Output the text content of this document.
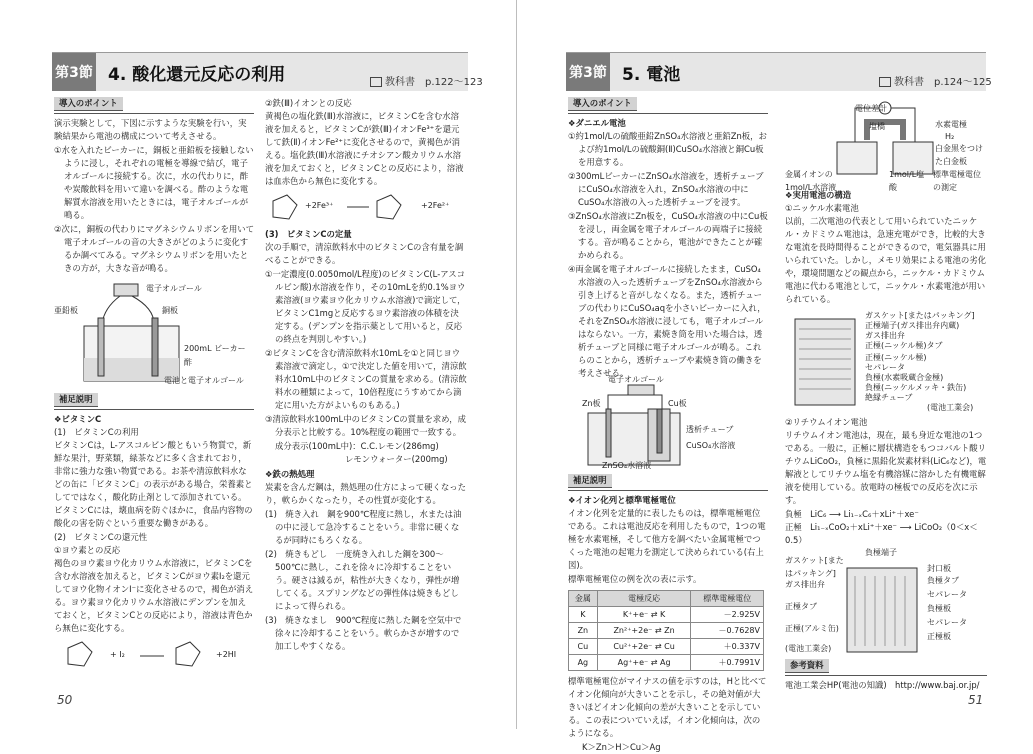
第3節 4. 酸化還元反応の利用	教科書　p.122～123
導入のポイント

演示実験として，下図に示すような実験を行い，実験結果から電池の構成について考えさせる。

①水を入れたビーカーに，銅板と亜鉛板を接触しないように浸し，それぞれの電極を導線で結び，電子オルゴールに接続する。次に，水の代わりに，酢や炭酸飲料を用いて違いを調べる。酢のような電解質水溶液を用いたときには，電子オルゴールが鳴る。

②次に，銅板の代わりにマグネシウムリボンを用いて電子オルゴールの音の大きさがどのように変化するか調べてみる。マグネシウムリボンを用いたときの方が，大きな音が鳴る。

電子オルゴール
亜鉛板	銅板
200mL ビーカー
酢
電池と電子オルゴール
補足説明
❖ビタミンC
(1)　ビタミンCの利用

ビタミンCは，L-アスコルビン酸ともいう物質で，新鮮な果汁，野菜類，緑茶などに多く含まれており，非常に強力な強い物質である。お茶や清涼飲料水などの缶に「ビタミンC」の表示がある場合，栄養素としてではなく，酸化防止剤として添加されている。ビタミンCには，壊血病を防ぐほかに，食品内容物の酸化の害を防ぐという重要な働きがある。

(2)　ビタミンCの還元性
①ヨウ素との反応

褐色のヨウ素ヨウ化カリウム水溶液に，ビタミンCを含む水溶液を加えると，ビタミンCがヨウ素I₂を還元してヨウ化物イオンI⁻に変化させるので，褐色が消える。ヨウ素ヨウ化カリウム水溶液にデンプンを加えておくと，ビタミンCとの反応により，溶液は青色から無色に変化する。

+ I₂	+2HI
②鉄(Ⅲ)イオンとの反応

黄褐色の塩化鉄(Ⅲ)水溶液に，ビタミンCを含む水溶液を加えると，ビタミンCが鉄(Ⅲ)イオンFe³⁺を還元して鉄(Ⅱ)イオンFe²⁺に変化させるので，黄褐色が消える。塩化鉄(Ⅲ)水溶液にチオシアン酸カリウム水溶液を加えておくと，ビタミンCとの反応により，溶液は血赤色から無色に変化する。

+2Fe³⁺	+2Fe²⁺
(3)　ビタミンCの定量

次の手順で，清涼飲料水中のビタミンCの含有量を調べることができる。

①一定濃度(0.0050mol/L程度)のビタミンC(L-アスコルビン酸)水溶液を作り，その10mLを約0.1%ヨウ素溶液(ヨウ素ヨウ化カリウム水溶液)で滴定して，ビタミンC1mgと反応するヨウ素溶液の体積を決定する。(デンプンを指示薬として用いると，反応の終点を判別しやすい。)

②ビタミンCを含む清涼飲料水10mLを①と同じヨウ素溶液で滴定し，①で決定した値を用いて，清涼飲料水10mL中のビタミンCの質量を求める。(清涼飲料水の種類によって，10倍程度にうすめてから滴定に用いた方がよいものもある。)

③清涼飲料水100mL中のビタミンCの質量を求め，成分表示と比較する。10%程度の範囲で一致する。

成分表示(100mL中)：C.C.レモン(286mg)
レモンウォーター(200mg)
❖鉄の熱処理

炭素を含んだ鋼は，熱処理の仕方によって硬くなったり，軟らかくなったり，その性質が変化する。

(1)　焼き入れ　鋼を900℃程度に熱し，水または油の中に浸して急冷することをいう。非常に硬くなるが同時にもろくなる。

(2)　焼きもどし　一度焼き入れした鋼を300～500℃に熱し，これを徐々に冷却することをいう。硬さは減るが，粘性が大きくなり，弾性が増してくる。スプリングなどの弾性体は焼きもどしによって得られる。

(3)　焼きなまし　900℃程度に熱した鋼を空気中で徐々に冷却することをいう。軟らかさが増すので加工しやすくなる。

50
第3節 5. 電池	教科書　p.124～125
導入のポイント
❖ダニエル電池

①約1mol/Lの硫酸亜鉛ZnSO₄水溶液と亜鉛Zn板，および約1mol/Lの硫酸銅(Ⅱ)CuSO₄水溶液と銅Cu板を用意する。

②300mLビーカーにZnSO₄水溶液を，透析チューブにCuSO₄水溶液を入れ，ZnSO₄水溶液の中にCuSO₄水溶液の入った透析チューブを浸す。

③ZnSO₄水溶液にZn板を，CuSO₄水溶液の中にCu板を浸し，両金属を電子オルゴールの両端子に接続する。音が鳴ることから，電池ができたことが確かめられる。

④両金属を電子オルゴールに接続したまま，CuSO₄水溶液の入った透析チューブをZnSO₄水溶液から引き上げると音がしなくなる。また，透析チューブの代わりにCuSO₄aqを小さいビーカーに入れ，それをZnSO₄水溶液に浸しても，電子オルゴールはならない。一方，素焼き筒を用いた場合は，透析チューブと同様に電子オルゴールが鳴る。これらのことから，透析チューブや素焼き筒の働きを考えさせる。

電子オルゴール
Zn板	Cu板
透析チューブ
CuSO₄水溶液
ZnSO₄水溶液
補足説明
❖イオン化列と標準電極電位

イオン化列を定量的に表したものは，標準電極電位である。これは電池反応を利用したもので，1つの電極を水素電極，そして他方を調べたい金属電極でつくった電池の起電力を測定して決められている(右上図)。

標準電極電位の例を次の表に示す。

金属	電極反応	標準電極電位
K	K⁺+e⁻ ⇄ K	－2.925V
Zn	Zn²⁺+2e⁻ ⇄ Zn	－0.7628V
Cu	Cu²⁺+2e⁻ ⇄ Cu	＋0.337V
Ag	Ag⁺+e⁻ ⇄ Ag	＋0.7991V

標準電極電位がマイナスの値を示すのは，Hと比べてイオン化傾向が大きいことを示し，その絶対値が大きいほどイオン化傾向の差が大きいことを示している。この表についていえば，イオン化傾向は，次のようになる。

K＞Zn＞H＞Cu＞Ag
電位差計
塩橋	水素電極
H₂
白金黒をつけた白金板
金属イオンの1mol/L水溶液
1mol/L塩酸
標準電極電位の測定
❖実用電池の構造
①ニッケル水素電池

以前，二次電池の代表として用いられていたニッケル・カドミウム電池は，急速充電ができ，比較的大きな電流を長時間得ることができるので，電気器具に用いられていた。しかし，メモリ効果による電池の劣化や，環境問題などの観点から，ニッケル・カドミウム電池に代わる電池として，ニッケル・水素電池が用いられている。

ガスケット[またはパッキング]
正極端子(ガス排出弁内蔵)
ガス排出弁
正極(ニッケル極)タブ
正極(ニッケル極)
セパレータ
負極(水素吸蔵合金極)
負極(ニッケルメッキ・鉄缶)
絶縁チューブ
(電池工業会)
②リチウムイオン電池

リチウムイオン電池は，現在，最も身近な電池の1つである。一般に，正極に層状構造をもつコバルト酸リチウムLiCoO₂，負極に黒鉛化炭素材料(LiC₆など)，電解液としてリチウム塩を有機溶媒に溶かした有機電解液を使用している。放電時の極板での反応を次に示す。

負極　LiC₆ ⟶ Li₁₋ₓC₆＋xLi⁺＋xe⁻
正極　Li₁₋ₓCoO₂＋xLi⁺＋xe⁻ ⟶ LiCoO₂（0＜x＜0.5）
負極端子
ガスケット[またはパッキング]
ガス排出弁
封口板
負極タブ
正極タブ
セパレータ
負極板
正極(アルミ缶)
セパレータ
正極板
(電池工業会)
参考資料
電池工業会HP(電池の知識)　http://www.baj.or.jp/
51
